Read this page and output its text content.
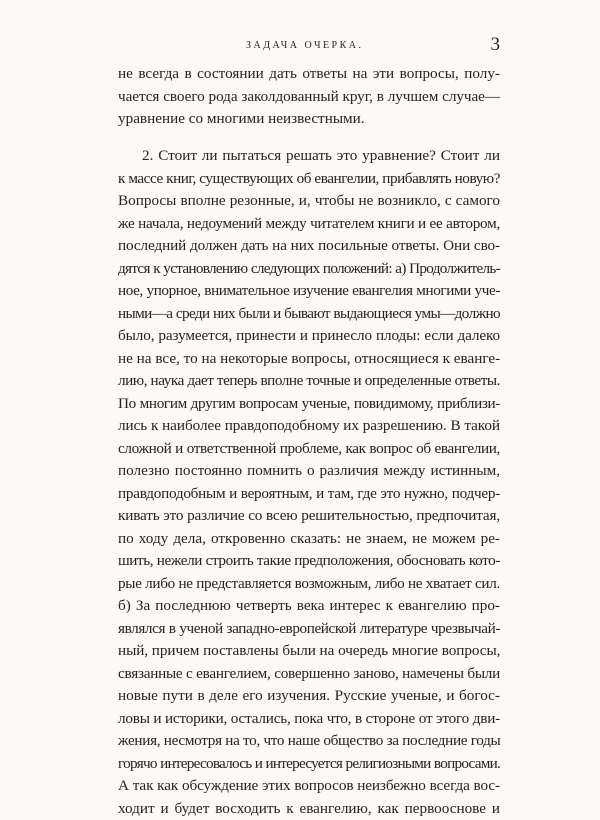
ЗАДАЧА ОЧЕРКА.	3
не всегда в состоянии дать ответы на эти вопросы, полу-
чается своего рода заколдованный круг, в лучшем случае—
уравнение со многими неизвестными.
2. Стоит ли пытаться решать это уравнение? Стоит ли
к массе книг, существующих об евангелии, прибавлять новую?
Вопросы вполне резонные, и, чтобы не возникло, с самого
же начала, недоумений между читателем книги и ее автором,
последний должен дать на них посильные ответы. Они сво-
дятся к установлению следующих положений: а) Продолжитель-
ное, упорное, внимательное изучение евангелия многими уче-
ными—а среди них были и бывают выдающиеся умы—должно
было, разумеется, принести и принесло плоды: если далеко
не на все, то на некоторые вопросы, относящиеся к еванге-
лию, наука дает теперь вполне точные и определенные ответы.
По многим другим вопросам ученые, повидимому, приблизи-
лись к наиболее правдоподобному их разрешению. В такой
сложной и ответственной проблеме, как вопрос об евангелии,
полезно постоянно помнить о различия между истинным,
правдоподобным и вероятным, и там, где это нужно, подчер-
кивать это различие со всею решительностью, предпочитая,
по ходу дела, откровенно сказать: не знаем, не можем ре-
шить, нежели строить такие предположения, обосновать кото-
рые либо не представляется возможным, либо не хватает сил.
б) За последнюю четверть века интерес к евангелию про-
являлся в ученой западно-европейской литературе чрезвычай-
ный, причем поставлены были на очередь многие вопросы,
связанные с евангелием, совершенно заново, намечены были
новые пути в деле его изучения. Русские ученые, и богос-
ловы и историки, остались, пока что, в стороне от этого дви-
жения, несмотря на то, что наше общество за последние годы
горячо интересовалось и интересуется религиозными вопросами.
А так как обсуждение этих вопросов неизбежно всегда вос-
ходит и будет восходить к евангелию, как первооснове и
